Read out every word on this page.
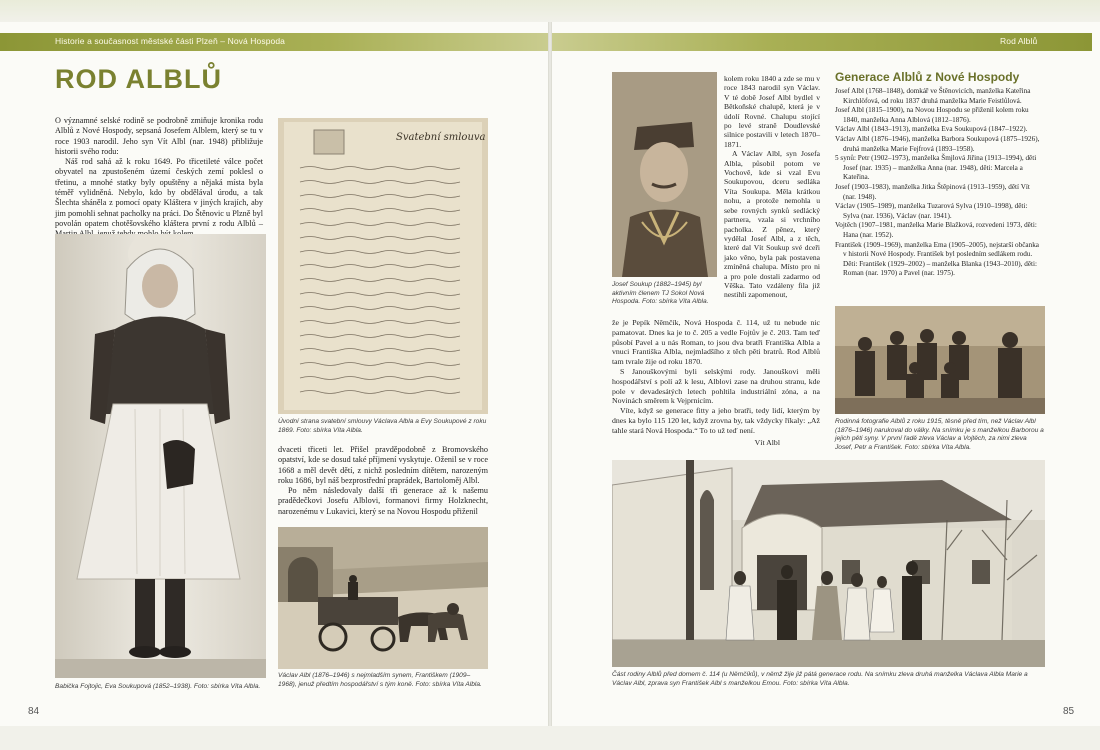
Historie a současnost městské části Plzeň – Nová Hospoda	Rod Alblů
ROD ALBLŮ

O významné selské rodině se podrobně zmiňuje kronika rodu Alblů z Nové Hospody, sepsaná Josefem Alblem, který se tu v roce 1903 narodil. Jeho syn Vít Albl (nar. 1948) přibližuje historii svého rodu:

Náš rod sahá až k roku 1649. Po třicetileté válce počet obyvatel na zpustošeném území českých zemí poklesl o třetinu, a mnohé statky byly opuštěny a nějaká místa byla téměř vylidněná. Nebylo, kdo by obdělával úrodu, a tak Šlechta sháněla z pomocí opaty Kláštera v jiných krajích, aby jim pomohli sehnat pacholky na práci. Do Štěnovic u Plzně byl povolán opatem chotěšovského kláštera první z rodu Alblů –

Babička Fojtojic, Eva Soukupová (1852–1938). Foto: sbírka Víta Albla.
Svatební smlouva
Úvodní strana svatební smlouvy Václava Albla a Evy Soukupové z roku 1869. Foto: sbírka Víta Albla.

dvaceti třiceti let. Přišel pravděpodobně z Bromovského opatství, kde se dosud také příjmení vyskytuje. Oženil se v roce 1668 a měl devět dětí, z nichž posledním dítětem, narozeným roku 1686, byl náš bezprostřední praprádek, Bartoloměj Albl.

Po něm následovaly další tři generace až k našemu pradědečkovi Josefu Alblovi, formanovi firmy Holzknecht, narozenému v Lukavici, který se na Novou Hospodu přiženil

Václav Albl (1876–1946) s nejmladším synem, Františkem (1909–1968), jenuž předtím hospodářství s tým koně. Foto: sbírka Víta Albla.
84
Josef Soukup (1882–1945) byl aktivním členem TJ Sokol Nová Hospoda. Foto: sbírka Víta Albla.

kolem roku 1840 a zde se mu v roce 1843 narodil syn Václav. V té době Josef Albl bydlel v Bětkoňské chalupě, která je v údolí Rovné. Chalupu stojící po levé straně Doudlevské silnice postavili v letech 1870–1871.

A Václav Albl, syn Josefa Albla, působil potom ve Vochově, kde si vzal Evu Soukupovou, dceru sedláka Víta Soukupa. Měla krátkou nohu, a protože nemohla u sebe rovných synků sedlácký partnera, vzala si vrchního pacholka. Z pěnez, který vydělal Josef Albl, a z těch, které dal Vít Soukup své dceři jako věno, byla pak postavena zmíněná chalupa. Místo pro ni a pro pole dostali zadarmo od Věška. Tato vzdáleny fila již nestihli zapomenout,

že je Pepík Němčík, Nová Hospoda č. 114, už tu nebude nic pamatovat. Dnes ka je to č. 205 a vedle Fojtův je č. 203. Tam teď působí Pavel a u nás Roman, to jsou dva bratři Františka Albla a vnuci Františka Albla, nejmladšího z těch pěti bratrů. Rod Alblů tam tvrale žije od roku 1870.

S Janouškovými byli selskými rody. Janouškovi měli hospodářství s polí až k lesu, Alblovi zase na druhou stranu, kde pole v devadesátých letech pohltila industriální zóna, a na Novinách směrem k Vejprnicím.

Víte, když se generace fitty a jeho bratři, tedy lidí, kterým by dnes ka bylo 115 120 let, když zrovna by, tak vždycky říkaly: „Až tahle stará Nová Hospoda.“ To to už teď není.

Vít Albl

Generace Alblů z Nové Hospody
Josef Albl (1768–1848), domkář ve Štěnovicích, manželka Kateřina Kirchlöfová, od roku 1837 druhá manželka Marie Feistlůlová.
Josef Albl (1815–1900), na Novou Hospodu se přiženil kolem roku 1840, manželka Anna Alblová (1812–1876).
Václav Albl (1843–1913), manželka Eva Soukupová (1847–1922).
Václav Albl (1876–1946), manželka Barbora Soukupová (1875–1926), druhá manželka Marie Fejfrová (1893–1958).
5 synů: Petr (1902–1973), manželka Šmjlová Jiřina (1913–1994), děti Josef (nar. 1935) – manželka Anna (nar. 1948), děti: Marcela a Kateřina.
Josef (1903–1983), manželka Jitka Štěpinová (1913–1959), dětí Vít (nar. 1948).
Václav (1905–1989), manželka Tuzarová Sylva (1910–1998), děti: Sylva (nar. 1936), Václav (nar. 1941).
Vojtěch (1907–1981, manželka Marie Blažková, rozvedeni 1973, děti: Hana (nar. 1952).
František (1909–1969), manželka Ema (1905–2005), nejstarší občanka v historii Nové Hospody. František byl posledním sedlákem rodu. Děti: František (1929–2002) – manželka Blanka (1943–2010), děti: Roman (nar. 1970) a Pavel (nar. 1975).
Rodinná fotografie Alblů z roku 1915, těsně před tím, než Václav Albl (1876–1946) narukoval do války. Na snímku je s manželkou Barborou a jejich pěti syny. V první řadě zleva Václav a Vojtěch, za nimi zleva Josef, Petr a František. Foto: sbírka Víta Albla.
Část rodiny Alblů před domem č. 114 (u Němčíků), v němž žije již pátá generace rodu. Na snímku zleva druhá manželka Václava Albla Marie a Václav Albl, zprava syn František Albl s manželkou Emou. Foto: sbírka Víta Albla.
85
